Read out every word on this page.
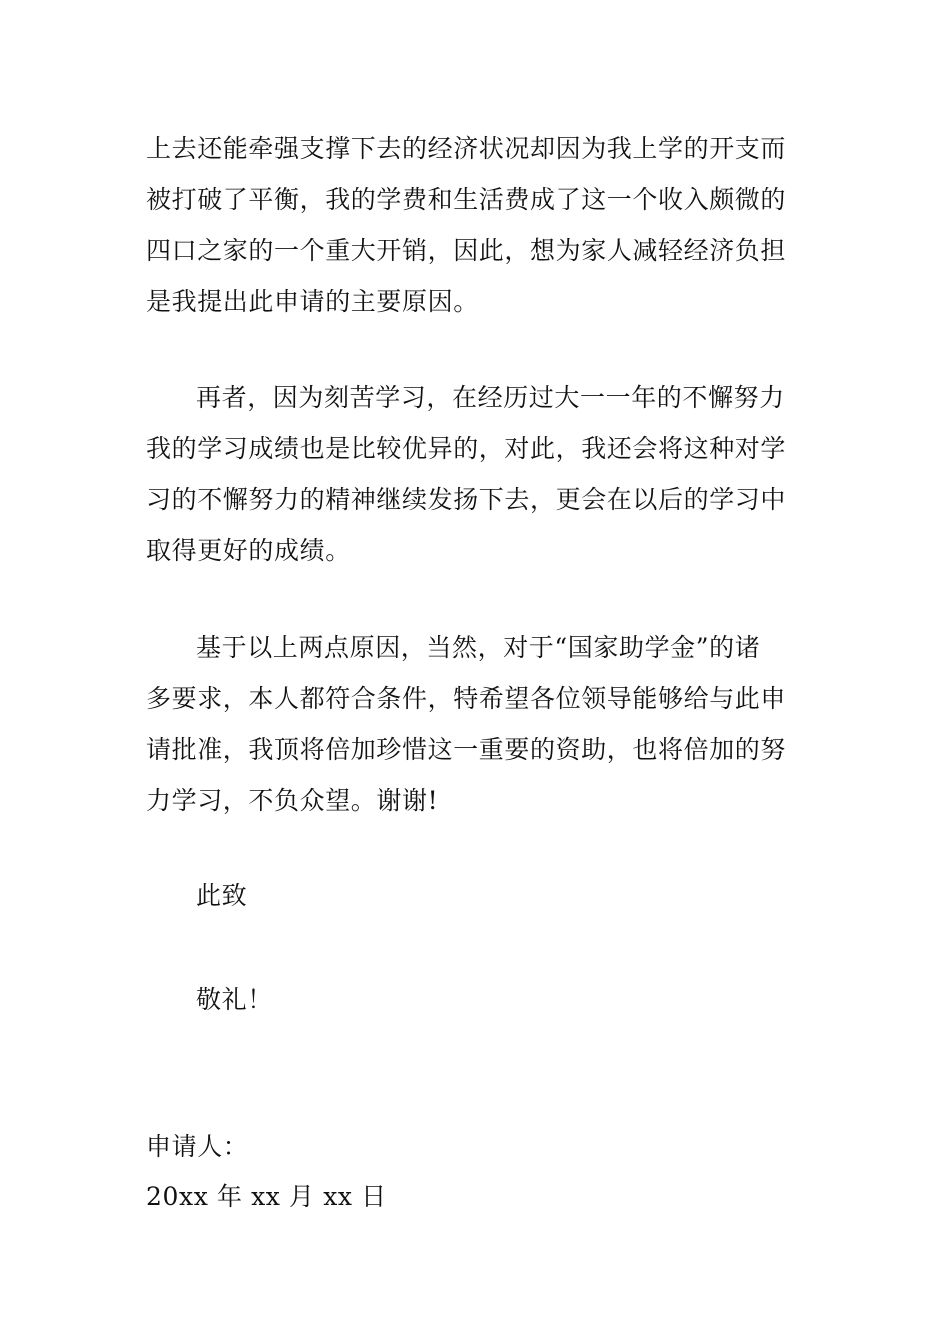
上去还能牵强支撑下去的经济状况却因为我上学的开支而
被打破了平衡，我的学费和生活费成了这一个收入颇微的
四口之家的一个重大开销，因此，想为家人减轻经济负担
是我提出此申请的主要原因。
再者，因为刻苦学习，在经历过大一一年的不懈努力
我的学习成绩也是比较优异的，对此，我还会将这种对学
习的不懈努力的精神继续发扬下去，更会在以后的学习中
取得更好的成绩。
基于以上两点原因，当然，对于“国家助学金”的诸
多要求，本人都符合条件，特希望各位领导能够给与此申
请批准，我顶将倍加珍惜这一重要的资助，也将倍加的努
力学习，不负众望。谢谢!
此致
敬礼！
申请人：
20xx 年 xx 月 xx 日
